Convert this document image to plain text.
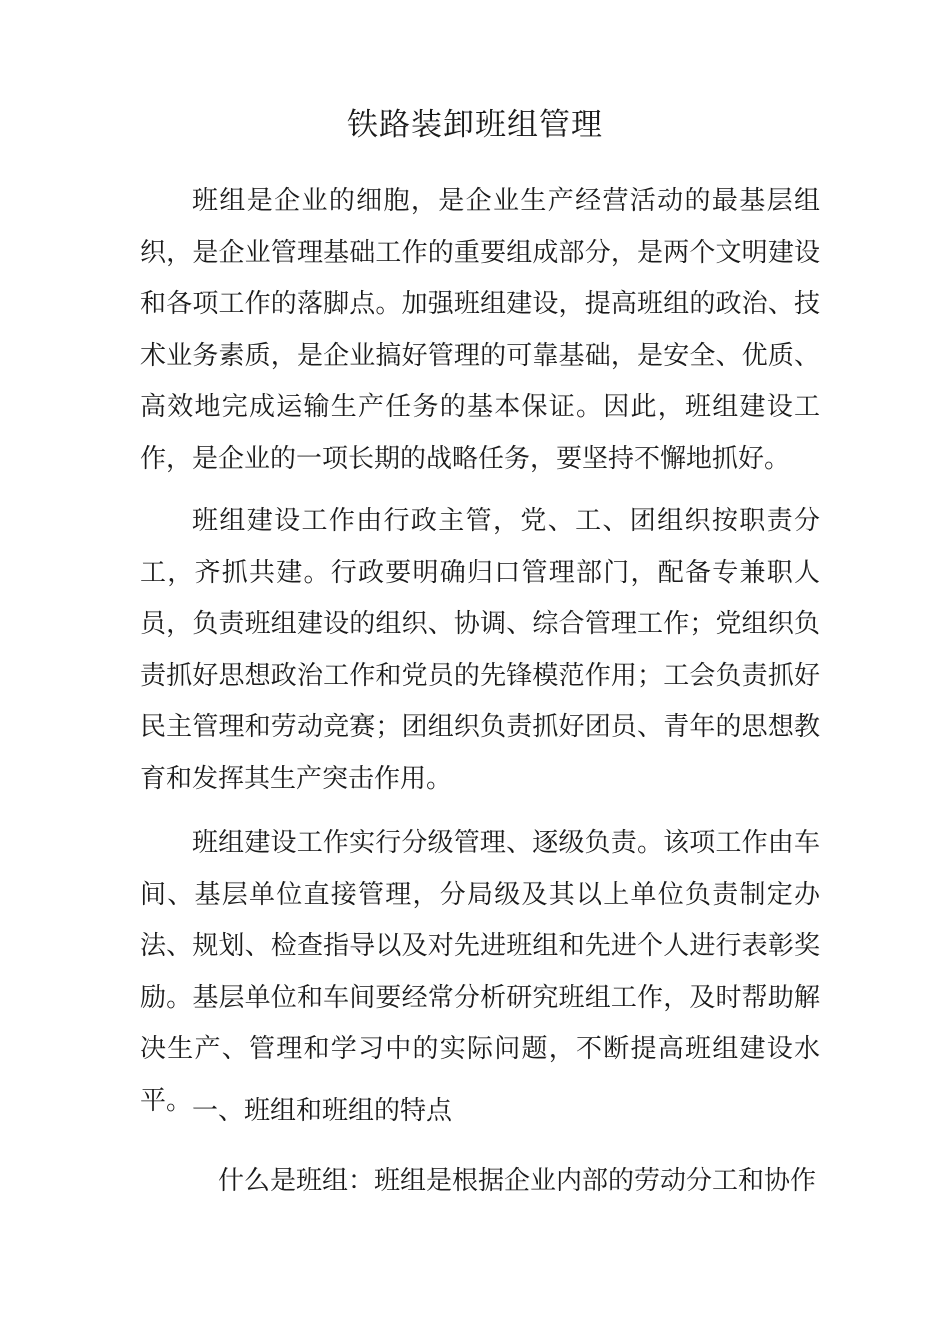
铁路装卸班组管理
班组是企业的细胞，是企业生产经营活动的最基层组织，是企业管理基础工作的重要组成部分，是两个文明建设和各项工作的落脚点。加强班组建设，提高班组的政治、技术业务素质，是企业搞好管理的可靠基础，是安全、优质、高效地完成运输生产任务的基本保证。因此，班组建设工作，是企业的一项长期的战略任务，要坚持不懈地抓好。
班组建设工作由行政主管，党、工、团组织按职责分工，齐抓共建。行政要明确归口管理部门，配备专兼职人员，负责班组建设的组织、协调、综合管理工作；党组织负责抓好思想政治工作和党员的先锋模范作用；工会负责抓好民主管理和劳动竞赛；团组织负责抓好团员、青年的思想教育和发挥其生产突击作用。
班组建设工作实行分级管理、逐级负责。该项工作由车间、基层单位直接管理，分局级及其以上单位负责制定办法、规划、检查指导以及对先进班组和先进个人进行表彰奖励。基层单位和车间要经常分析研究班组工作，及时帮助解决生产、管理和学习中的实际问题，不断提高班组建设水平。 一、班组和班组的特点
什么是班组：班组是根据企业内部的劳动分工和协作
